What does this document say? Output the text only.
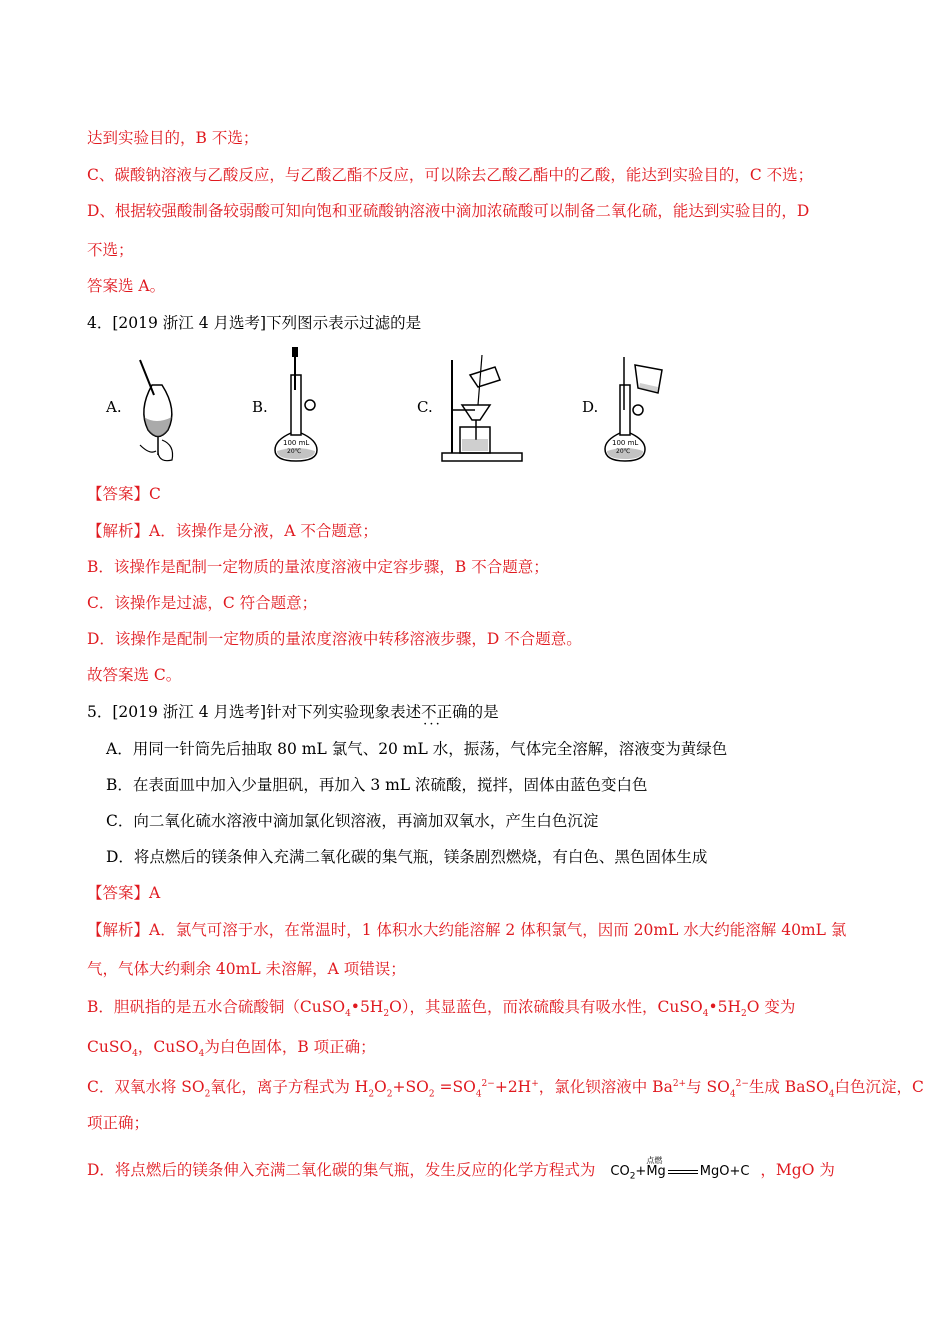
达到实验目的，B 不选；
C、碳酸钠溶液与乙酸反应，与乙酸乙酯不反应，可以除去乙酸乙酯中的乙酸，能达到实验目的，C 不选；
D、根据较强酸制备较弱酸可知向饱和亚硫酸钠溶液中滴加浓硫酸可以制备二氧化硫，能达到实验目的，D
不选；
答案选 A。
4．[2019 浙江 4 月选考]下列图示表示过滤的是
A.	B.
100 mL
20℃
C.	D.
100 mL
20℃
【答案】C
【解析】A．该操作是分液，A 不合题意；
B．该操作是配制一定物质的量浓度溶液中定容步骤，B 不合题意；
C．该操作是过滤，C 符合题意；
D．该操作是配制一定物质的量浓度溶液中转移溶液步骤，D 不合题意。
故答案选 C。
5．[2019 浙江 4 月选考]针对下列实验现象表述不正确 · · ·的是
A．用同一针筒先后抽取 80 mL 氯气、20 mL 水，振荡，气体完全溶解，溶液变为黄绿色
B．在表面皿中加入少量胆矾，再加入 3 mL 浓硫酸，搅拌，固体由蓝色变白色
C．向二氧化硫水溶液中滴加氯化钡溶液，再滴加双氧水，产生白色沉淀
D．将点燃后的镁条伸入充满二氧化碳的集气瓶，镁条剧烈燃烧，有白色、黑色固体生成
【答案】A
【解析】A．氯气可溶于水，在常温时，1 体积水大约能溶解 2 体积氯气，因而 20mL 水大约能溶解 40mL 氯
气，气体大约剩余 40mL 未溶解，A 项错误；
B．胆矾指的是五水合硫酸铜$(CuSO_4•5H_2O)$，其显蓝色，而浓硫酸具有吸水性，$CuSO_4•5H_2O$ 变为
CuSO$_4$，CuSO$_4$为白色固体，B 项正确；
C．双氧水将 $SO_2$氧化，离子方程式为 $H_2O_2+SO_2 =SO_4^{2-}+2H^+$，氯化钡溶液中 $Ba^{2+}$与 $SO_4^{2-}$生成 BaSO$_4$白色沉淀，C
项正确；
D．将点燃后的镁条伸入充满二氧化碳的集气瓶，发生反应的化学方程式为 $CO_2+Mg$
点燃
MgO+C ，MgO 为
